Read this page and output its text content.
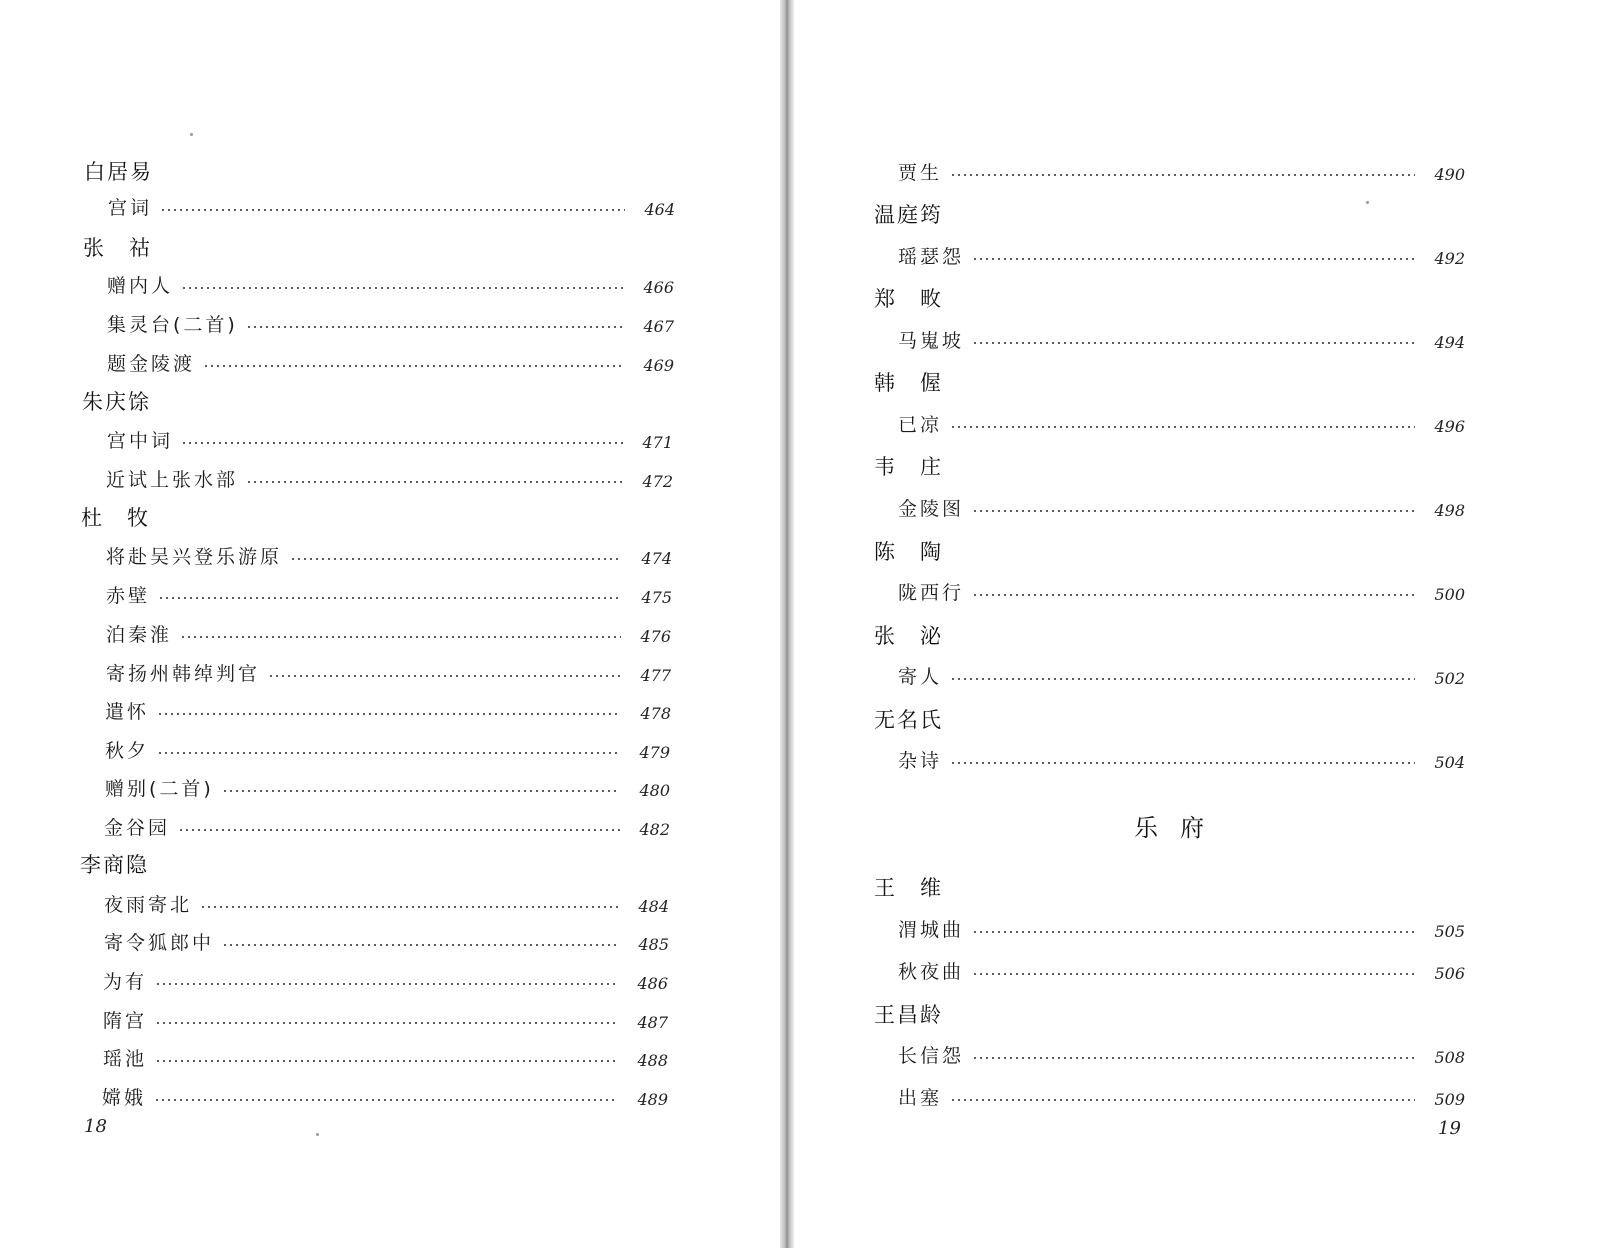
白居易
宫词	464
张　祜
赠内人	466
集灵台(二首)	467
题金陵渡	469
朱庆馀
宫中词	471
近试上张水部	472
杜　牧
将赴吴兴登乐游原	474
赤壁	475
泊秦淮	476
寄扬州韩绰判官	477
遣怀	478
秋夕	479
赠别(二首)	480
金谷园	482
李商隐
夜雨寄北	484
寄令狐郎中	485
为有	486
隋宫	487
瑶池	488
嫦娥	489
18
贾生	490
温庭筠
瑶瑟怨	492
郑　畋
马嵬坡	494
韩　偓
已凉	496
韦　庄
金陵图	498
陈　陶
陇西行	500
张　泌
寄人	502
无名氏
杂诗	504
乐府
王　维
渭城曲	505
秋夜曲	506
王昌龄
长信怨	508
出塞	509
19
